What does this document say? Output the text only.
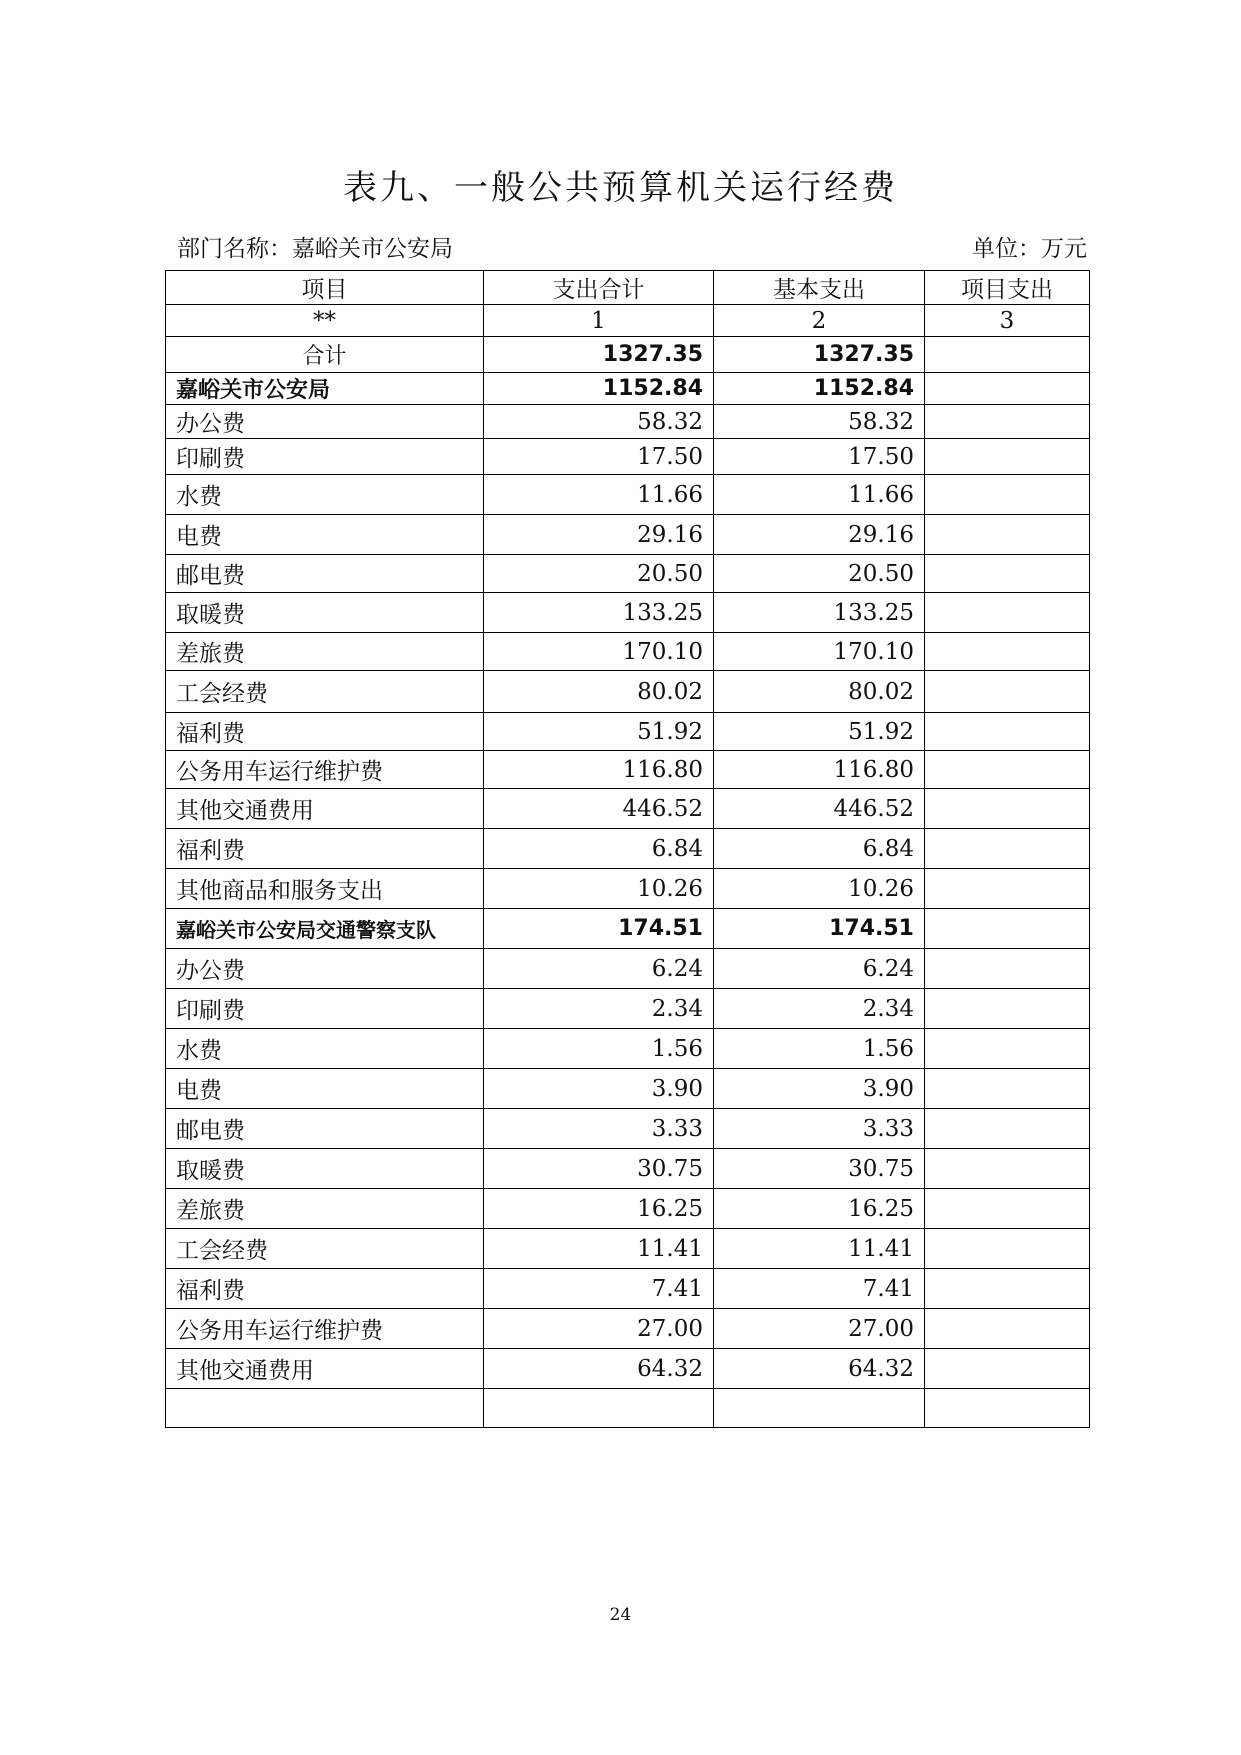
表九、一般公共预算机关运行经费
部门名称：嘉峪关市公安局	单位：万元
项目	支出合计	基本支出	项目支出
**	1	2	3
合计	1327.35	1327.35	
嘉峪关市公安局	1152.84	1152.84	
办公费	58.32	58.32	
印刷费	17.50	17.50	
水费	11.66	11.66	
电费	29.16	29.16	
邮电费	20.50	20.50	
取暖费	133.25	133.25	
差旅费	170.10	170.10	
工会经费	80.02	80.02	
福利费	51.92	51.92	
公务用车运行维护费	116.80	116.80	
其他交通费用	446.52	446.52	
福利费	6.84	6.84	
其他商品和服务支出	10.26	10.26	
嘉峪关市公安局交通警察支队	174.51	174.51	
办公费	6.24	6.24	
印刷费	2.34	2.34	
水费	1.56	1.56	
电费	3.90	3.90	
邮电费	3.33	3.33	
取暖费	30.75	30.75	
差旅费	16.25	16.25	
工会经费	11.41	11.41	
福利费	7.41	7.41	
公务用车运行维护费	27.00	27.00	
其他交通费用	64.32	64.32	

24
